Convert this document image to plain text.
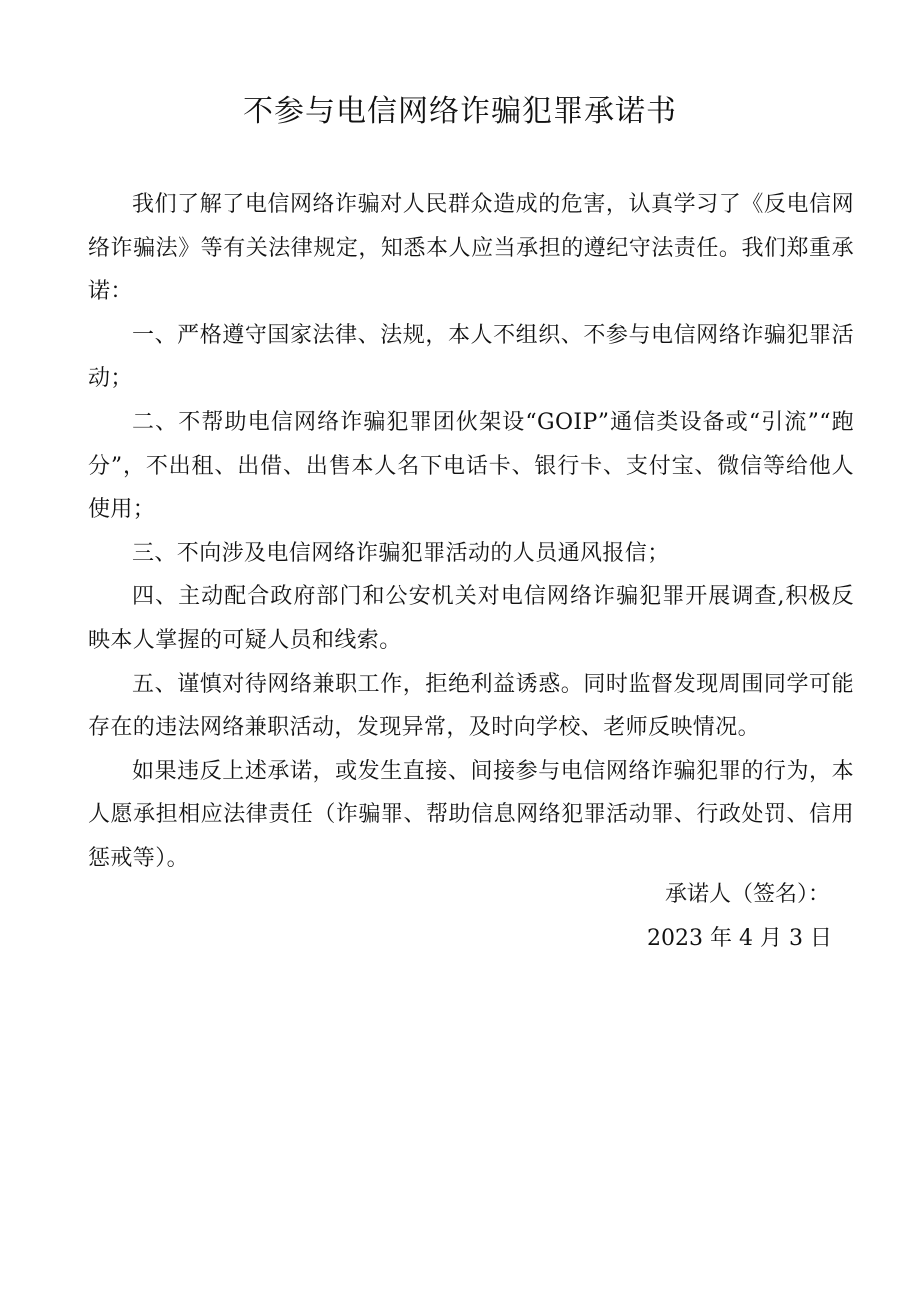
不参与电信网络诈骗犯罪承诺书

我们了解了电信网络诈骗对人民群众造成的危害，认真学习了《反电信网络诈骗法》等有关法律规定，知悉本人应当承担的遵纪守法责任。我们郑重承诺：

一、严格遵守国家法律、法规，本人不组织、不参与电信网络诈骗犯罪活动；

二、不帮助电信网络诈骗犯罪团伙架设“GOIP”通信类设备或“引流”“跑分”，不出租、出借、出售本人名下电话卡、银行卡、支付宝、微信等给他人使用；

三、不向涉及电信网络诈骗犯罪活动的人员通风报信；

四、主动配合政府部门和公安机关对电信网络诈骗犯罪开展调查,积极反映本人掌握的可疑人员和线索。

五、谨慎对待网络兼职工作，拒绝利益诱惑。同时监督发现周围同学可能存在的违法网络兼职活动，发现异常，及时向学校、老师反映情况。

如果违反上述承诺，或发生直接、间接参与电信网络诈骗犯罪的行为，本人愿承担相应法律责任（诈骗罪、帮助信息网络犯罪活动罪、行政处罚、信用惩戒等）。

承诺人（签名）：
2023 年 4 月 3 日
